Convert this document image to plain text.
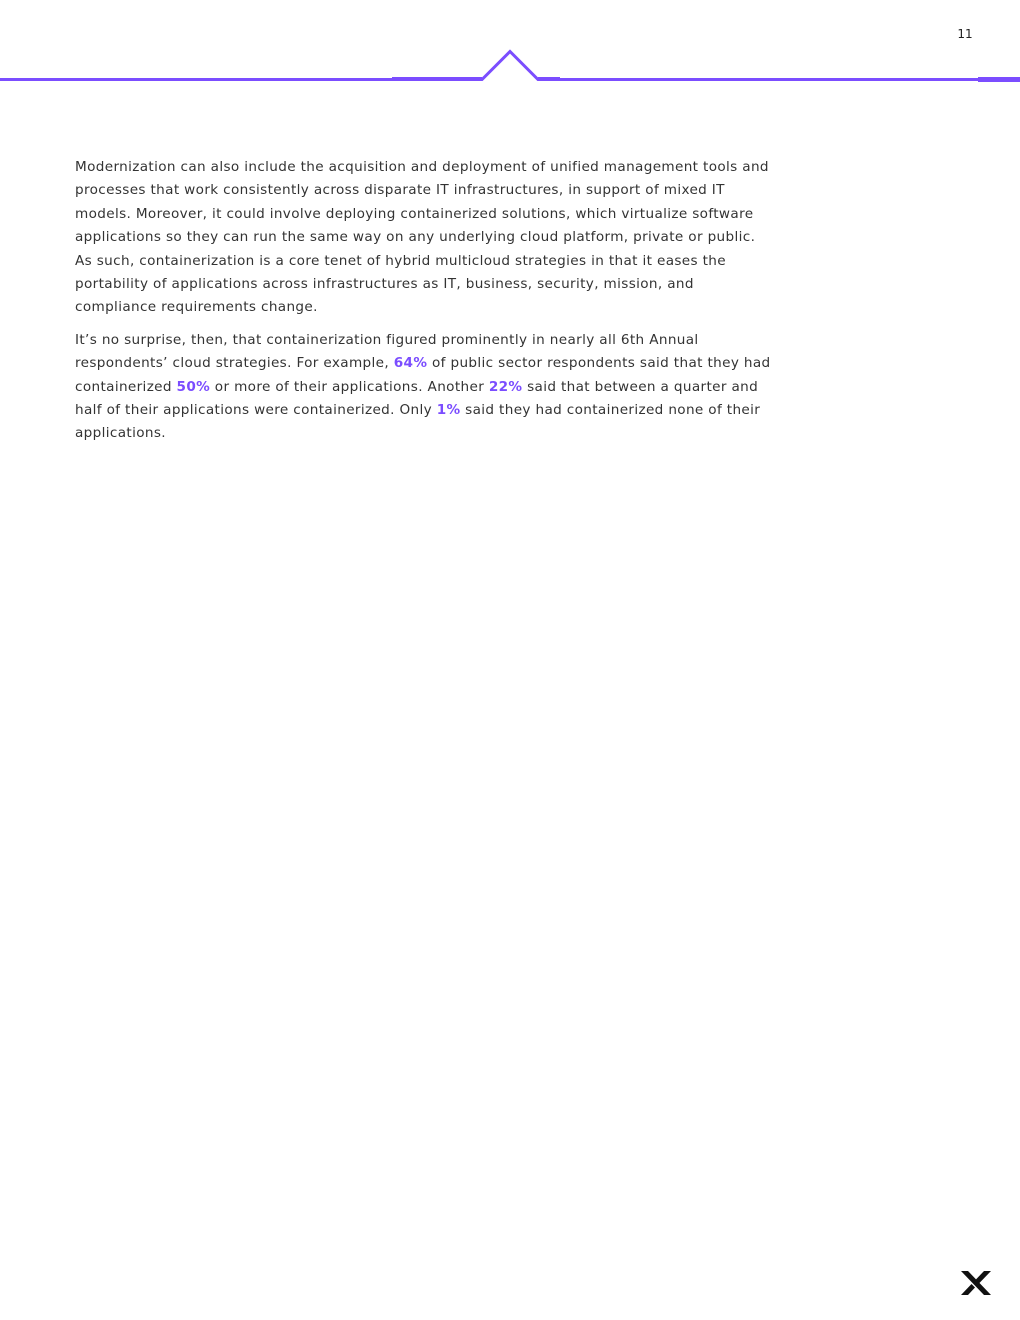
11

Modernization can also include the acquisition and deployment of unified management tools and processes that work consistently across disparate IT infrastructures, in support of mixed IT models. Moreover, it could involve deploying containerized solutions, which virtualize software applications so they can run the same way on any underlying cloud platform, private or public. As such, containerization is a core tenet of hybrid multicloud strategies in that it eases the portability of applications across infrastructures as IT, business, security, mission, and compliance requirements change.

It’s no surprise, then, that containerization figured prominently in nearly all 6th Annual respondents’ cloud strategies. For example, 64% of public sector respondents said that they had containerized 50% or more of their applications. Another 22% said that between a quarter and half of their applications were containerized. Only 1% said they had containerized none of their applications.
